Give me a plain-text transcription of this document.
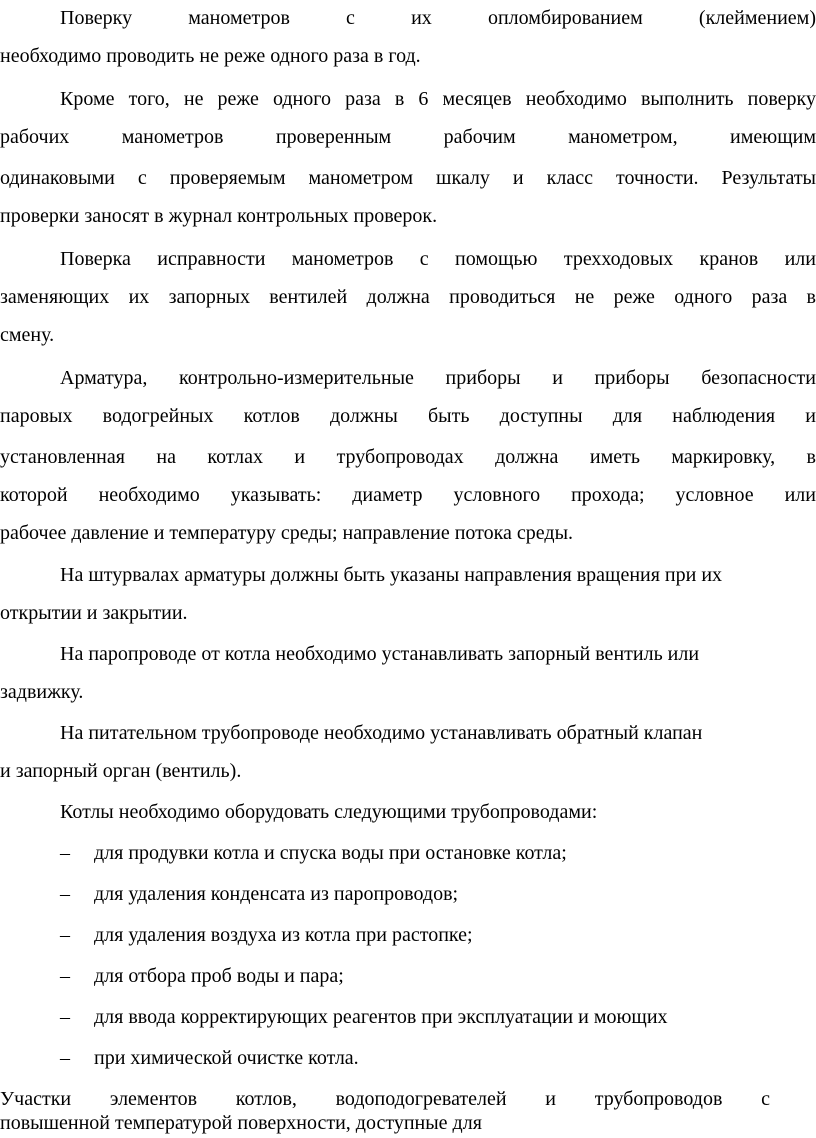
Поверку манометров с их опломбированием (клеймением)
необходимо проводить не реже одного раза в год.
Кроме того, не реже одного раза в 6 месяцев необходимо выполнить поверку
рабочих манометров проверенным рабочим манометром, имеющим
одинаковыми с проверяемым манометром шкалу и класс точности. Результаты
проверки заносят в журнал контрольных проверок.
Поверка исправности манометров с помощью трехходовых кранов или
заменяющих их запорных вентилей должна проводиться не реже одного раза в
смену.
Арматура, контрольно-измерительные приборы и приборы безопасности
паровых водогрейных котлов должны быть доступны для наблюдения и
установленная на котлах и трубопроводах должна иметь маркировку, в
которой необходимо указывать: диаметр условного прохода; условное или
рабочее давление и температуру среды; направление потока среды.
На штурвалах арматуры должны быть указаны направления вращения при их
открытии и закрытии.
На паропроводе от котла необходимо устанавливать запорный вентиль или
задвижку.
На питательном трубопроводе необходимо устанавливать обратный клапан
и запорный орган (вентиль).
Котлы необходимо оборудовать следующими трубопроводами:
– для продувки котла и спуска воды при остановке котла;
– для удаления конденсата из паропроводов;
– для удаления воздуха из котла при растопке;
– для отбора проб воды и пара;
– для ввода корректирующих реагентов при эксплуатации и моющих
– при химической очистке котла.
Участки элементов котлов, водоподогревателей и трубопроводов с
повышенной температурой поверхности, доступные для
